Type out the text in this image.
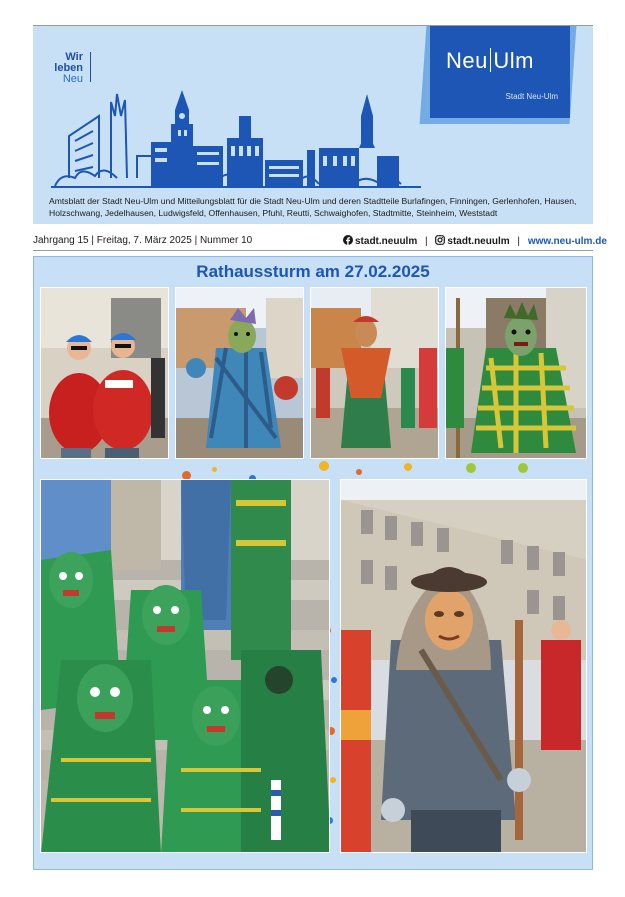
Wir
leben
Neu
Neu Ulm
Stadt Neu-Ulm
Amtsblatt der Stadt Neu-Ulm und Mitteilungsblatt für die Stadt Neu-Ulm und deren Stadtteile Burlafingen, Finningen, Gerlenhofen, Hausen, Holzschwang, Jedelhausen, Ludwigsfeld, Offenhausen, Pfuhl, Reutti, Schwaighofen, Stadtmitte, Steinheim, Weststadt
Jahrgang 15 | Freitag, 7. März 2025 | Nummer 10	stadt.neuulm | stadt.neuulm | www.neu-ulm.de
Rathaussturm am 27.02.2025
